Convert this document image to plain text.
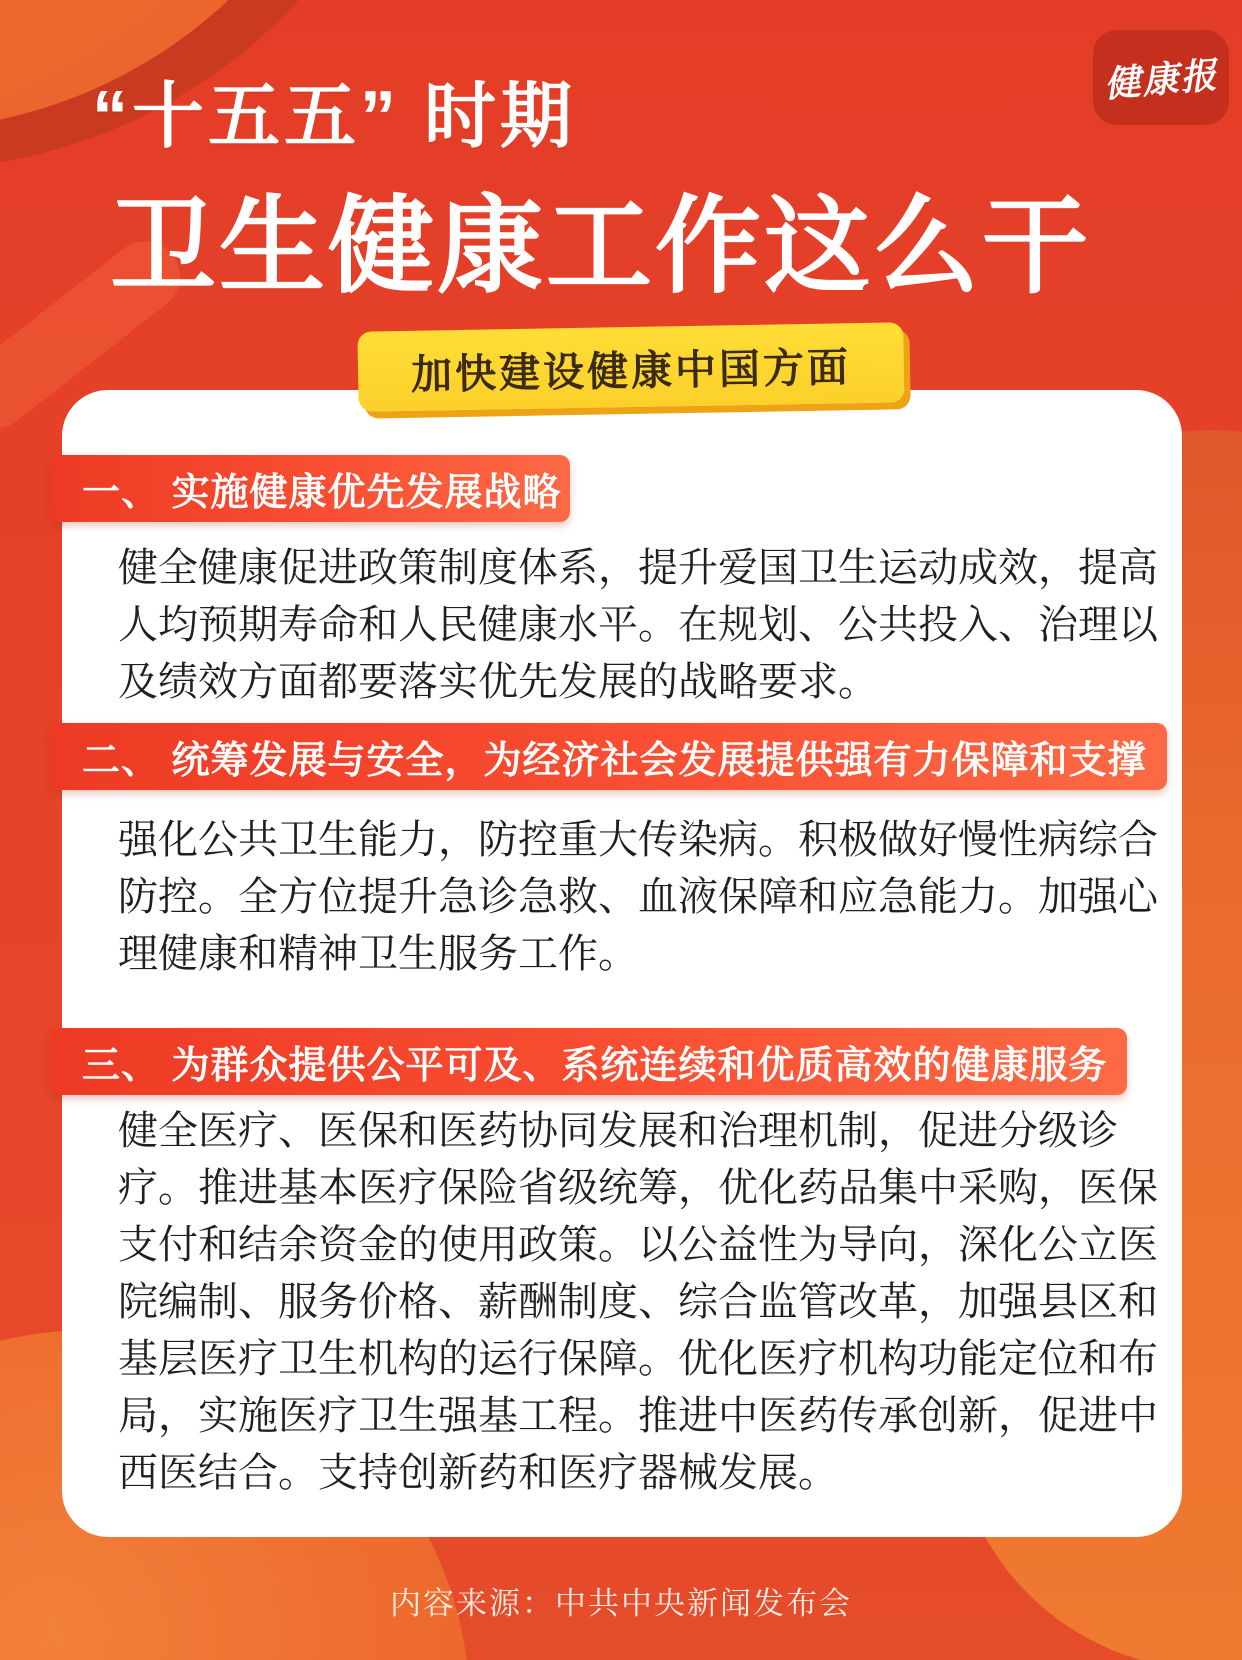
健康报
“十五五” 时期
卫生健康工作这么干
加快建设健康中国方面
一、 实施健康优先发展战略
健全健康促进政策制度体系，提升爱国卫生运动成效，提高
人均预期寿命和人民健康水平。在规划、公共投入、治理以
及绩效方面都要落实优先发展的战略要求。
二、 统筹发展与安全，为经济社会发展提供强有力保障和支撑
强化公共卫生能力，防控重大传染病。积极做好慢性病综合
防控。全方位提升急诊急救、血液保障和应急能力。加强心
理健康和精神卫生服务工作。
三、 为群众提供公平可及、系统连续和优质高效的健康服务
健全医疗、医保和医药协同发展和治理机制，促进分级诊
疗。推进基本医疗保险省级统筹，优化药品集中采购，医保
支付和结余资金的使用政策。以公益性为导向，深化公立医
院编制、服务价格、薪酬制度、综合监管改革，加强县区和
基层医疗卫生机构的运行保障。优化医疗机构功能定位和布
局，实施医疗卫生强基工程。推进中医药传承创新，促进中
西医结合。支持创新药和医疗器械发展。
内容来源：中共中央新闻发布会
